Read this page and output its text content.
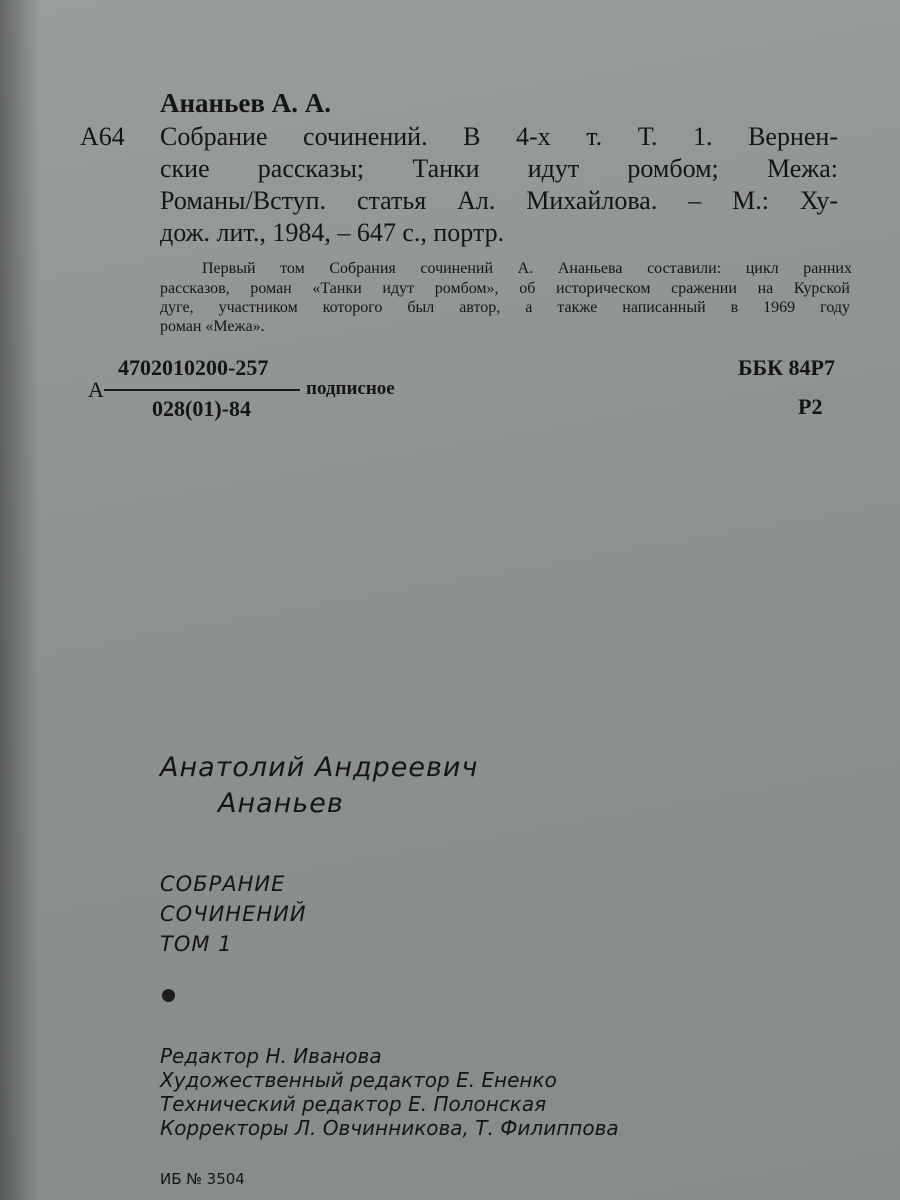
Ананьев А. А.

А64 Собрание сочинений. В 4-х т. Т. 1. Вернен-

ские рассказы; Танки идут ромбом; Межа:

Романы/Вступ. статья Ал. Михайлова. – М.: Ху-

дож. лит., 1984, – 647 с., портр.

Первый том Собрания сочинений А. Ананьева составили: цикл ранних

рассказов, роман «Танки идут ромбом», об историческом сражении на Курской

дуге, участником которого был автор, а также написанный в 1969 году

роман «Межа».

А

4702010200-257

028(01)-84

подписное

ББК 84Р7

Р2

Анатолий Андреевич

Ананьев

СОБРАНИЕ

СОЧИНЕНИЙ

ТОМ 1

Редактор Н. Иванова

Художественный редактор Е. Ененко

Технический редактор Е. Полонская

Корректоры Л. Овчинникова, Т. Филиппова

ИБ № 3504
